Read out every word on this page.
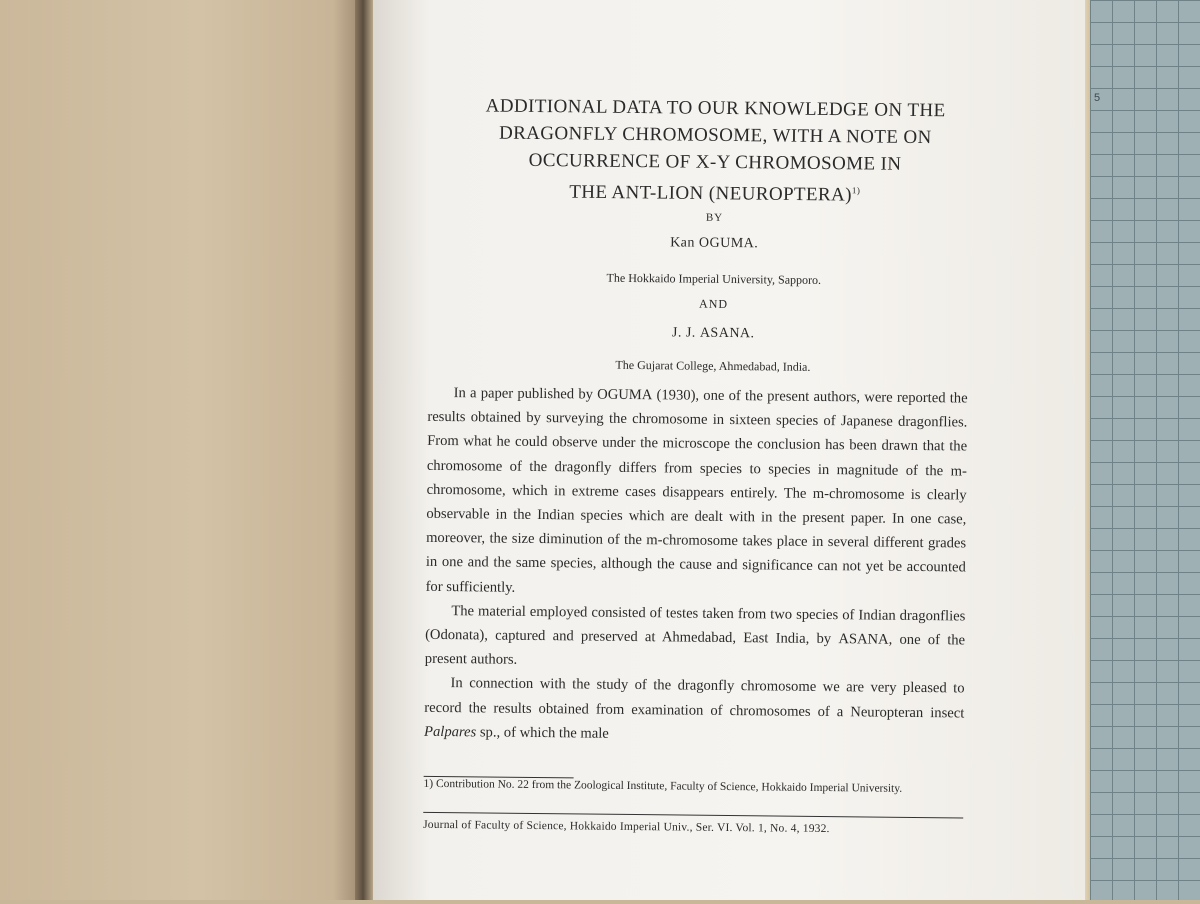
5
ADDITIONAL DATA TO OUR KNOWLEDGE ON THE
DRAGONFLY CHROMOSOME, WITH A NOTE ON
OCCURRENCE OF X-Y CHROMOSOME IN
THE ANT-LION (NEUROPTERA)$^{1)}$
BY
Kan OGUMA.
The Hokkaido Imperial University, Sapporo.
AND
J. J. ASANA.
The Gujarat College, Ahmedabad, India.

In a paper published by OGUMA (1930), one of the present authors, were reported the results obtained by surveying the chromosome in sixteen species of Japanese dragonflies. From what he could observe under the microscope the conclusion has been drawn that the chromosome of the dragonfly differs from species to species in magnitude of the m-chromosome, which in extreme cases disappears entirely. The m-chromosome is clearly observable in the Indian species which are dealt with in the present paper. In one case, moreover, the size diminution of the m-chromosome takes place in several different grades in one and the same species, although the cause and significance can not yet be accounted for sufficiently.

The material employed consisted of testes taken from two species of Indian dragonflies (Odonata), captured and preserved at Ahmedabad, East India, by ASANA, one of the present authors.

In connection with the study of the dragonfly chromosome we are very pleased to record the results obtained from examination of chromosomes of a Neuropteran insect Palpares sp., of which the male

1) Contribution No. 22 from the Zoological Institute, Faculty of Science, Hokkaido Imperial University.
Journal of Faculty of Science, Hokkaido Imperial Univ., Ser. VI. Vol. 1, No. 4, 1932.
